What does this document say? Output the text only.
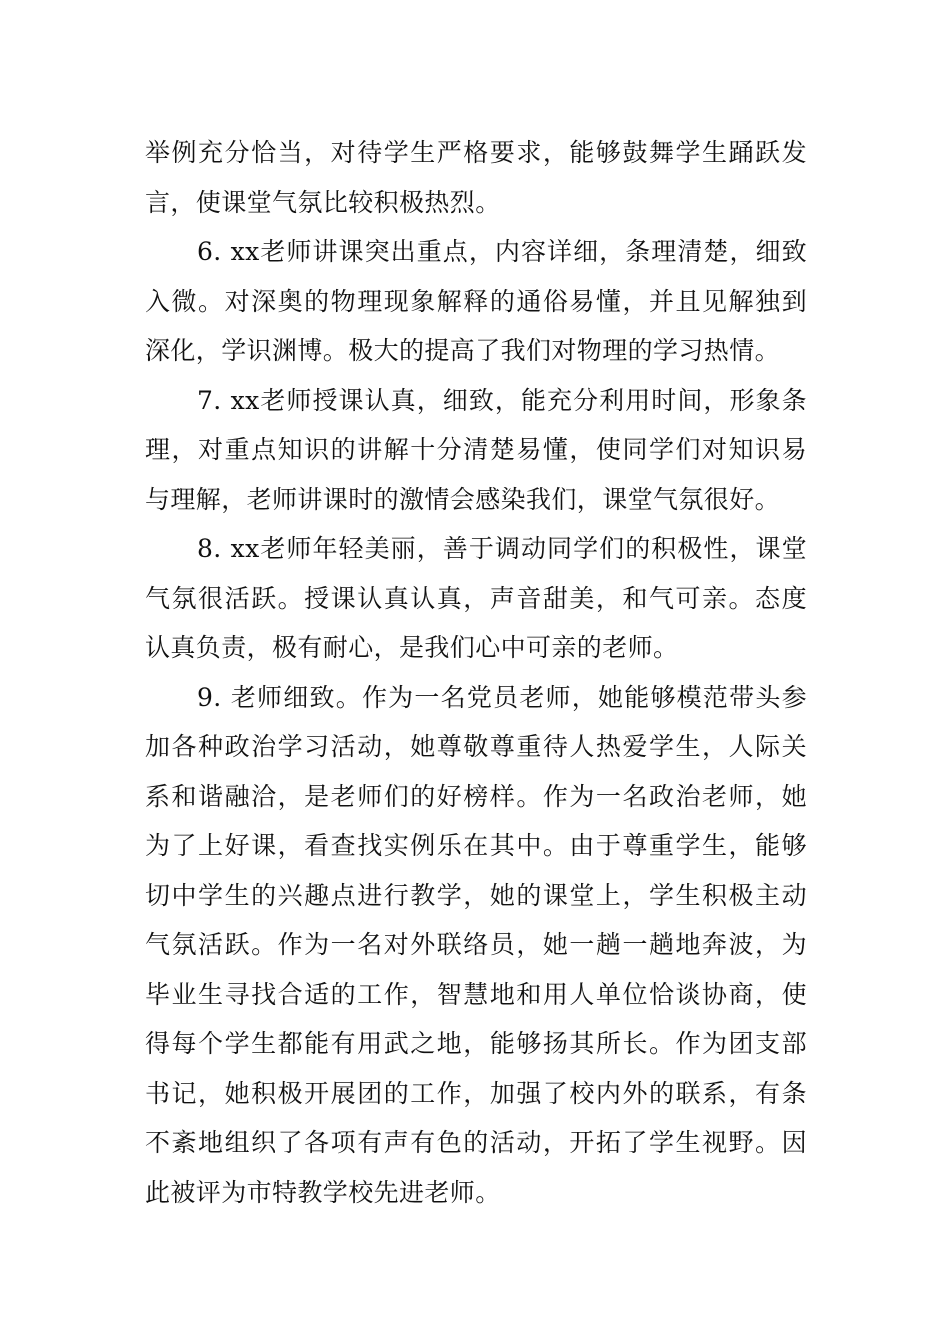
举例充分恰当，对待学生严格要求，能够鼓舞学生踊跃发
言，使课堂气氛比较积极热烈。
6. xx老师讲课突出重点，内容详细，条理清楚，细致
入微。对深奥的物理现象解释的通俗易懂，并且见解独到
深化，学识渊博。极大的提高了我们对物理的学习热情。
7. xx老师授课认真，细致，能充分利用时间，形象条
理，对重点知识的讲解十分清楚易懂，使同学们对知识易
与理解，老师讲课时的激情会感染我们，课堂气氛很好。
8. xx老师年轻美丽，善于调动同学们的积极性，课堂
气氛很活跃。授课认真认真，声音甜美，和气可亲。态度
认真负责，极有耐心，是我们心中可亲的老师。
9. 老师细致。作为一名党员老师，她能够模范带头参
加各种政治学习活动，她尊敬尊重待人热爱学生，人际关
系和谐融洽，是老师们的好榜样。作为一名政治老师，她
为了上好课，看查找实例乐在其中。由于尊重学生，能够
切中学生的兴趣点进行教学，她的课堂上，学生积极主动
气氛活跃。作为一名对外联络员，她一趟一趟地奔波，为
毕业生寻找合适的工作，智慧地和用人单位恰谈协商，使
得每个学生都能有用武之地，能够扬其所长。作为团支部
书记，她积极开展团的工作，加强了校内外的联系，有条
不紊地组织了各项有声有色的活动，开拓了学生视野。因
此被评为市特教学校先进老师。
